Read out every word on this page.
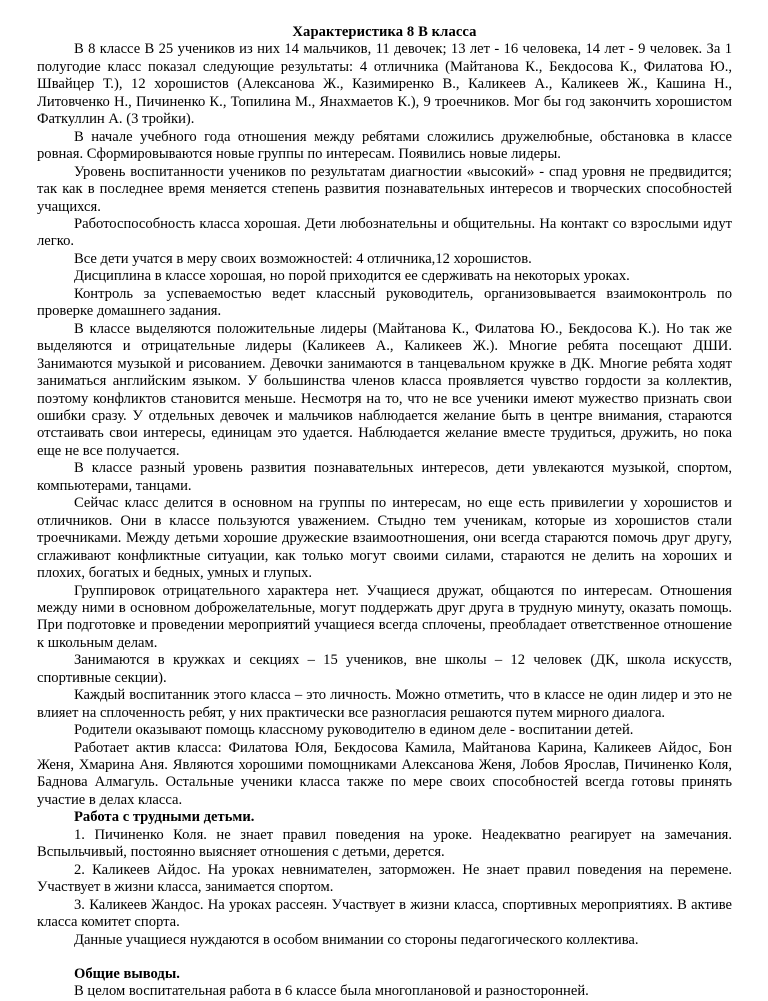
Характеристика 8 В класса

В 8 классе В 25 учеников из них 14 мальчиков, 11 девочек; 13 лет - 16 человека, 14 лет - 9 человек. За 1 полугодие класс показал следующие результаты: 4 отличника (Майтанова К., Бекдосова К., Филатова Ю., Швайцер Т.), 12 хорошистов (Алексанова Ж., Казимиренко В., Каликеев А., Каликеев Ж., Кашина Н., Литовченко Н., Пичиненко К., Топилина М., Янахмаетов К.), 9 троечников. Мог бы год закончить хорошистом Фаткуллин А. (3 тройки).

В начале учебного года отношения между ребятами сложились дружелюбные, обстановка в классе ровная. Сформировываются новые группы по интересам. Появились новые лидеры.

Уровень воспитанности учеников по результатам диагностии «высокий» - спад уровня не предвидится; так как в последнее время меняется степень развития познавательных интересов и творческих способностей учащихся.

Работоспособность класса хорошая. Дети любознательны и общительны. На контакт со взрослыми идут легко.

Все дети учатся в меру своих возможностей: 4 отличника,12 хорошистов.

Дисциплина в классе хорошая, но порой приходится ее сдерживать на некоторых уроках.

Контроль за успеваемостью ведет классный руководитель, организовывается взаимоконтроль по проверке домашнего задания.

В классе выделяются положительные лидеры (Майтанова К., Филатова Ю., Бекдосова К.). Но так же выделяются и отрицательные лидеры (Каликеев А., Каликеев Ж.). Многие ребята посещают ДШИ. Занимаются музыкой и рисованием. Девочки занимаются в танцевальном кружке в ДК. Многие ребята ходят заниматься английским языком. У большинства членов класса проявляется чувство гордости за коллектив, поэтому конфликтов становится меньше. Несмотря на то, что не все ученики имеют мужество признать свои ошибки сразу. У отдельных девочек и мальчиков наблюдается желание быть в центре внимания, стараются отстаивать свои интересы, единицам это удается. Наблюдается желание вместе трудиться, дружить, но пока еще не все получается.

В классе разный уровень развития познавательных интересов, дети увлекаются музыкой, спортом, компьютерами, танцами.

Сейчас класс делится в основном на группы по интересам, но еще есть привилегии у хорошистов и отличников. Они в классе пользуются уважением. Стыдно тем ученикам, которые из хорошистов стали троечниками. Между детьми хорошие дружеские взаимоотношения, они всегда стараются помочь друг другу, сглаживают конфликтные ситуации, как только могут своими силами, стараются не делить на хороших и плохих, богатых и бедных, умных и глупых.

Группировок отрицательного характера нет. Учащиеся дружат, общаются по интересам. Отношения между ними в основном доброжелательные, могут поддержать друг друга в трудную минуту, оказать помощь. При подготовке и проведении мероприятий учащиеся всегда сплочены, преобладает ответственное отношение к школьным делам.

Занимаются в кружках и секциях – 15 учеников, вне школы – 12 человек (ДК, школа искусств, спортивные секции).

Каждый воспитанник этого класса – это личность. Можно отметить, что в классе не один лидер и это не влияет на сплоченность ребят, у них практически все разногласия решаются путем мирного диалога.

Родители оказывают помощь классному руководителю в едином деле - воспитании детей.

Работает актив класса: Филатова Юля, Бекдосова Камила, Майтанова Карина, Каликеев Айдос, Бон Женя, Хмарина Аня. Являются хорошими помощниками Алексанова Женя, Лобов Ярослав, Пичиненко Коля, Баднова Алмагуль. Остальные ученики класса также по мере своих способностей всегда готовы принять участие в делах класса.

Работа с трудными детьми.

1. Пичиненко Коля. не знает правил поведения на уроке. Неадекватно реагирует на замечания. Вспыльчивый, постоянно выясняет отношения с детьми, дерется.

2. Каликеев Айдос. На уроках невнимателен, заторможен. Не знает правил поведения на перемене. Участвует в жизни класса, занимается спортом.

3. Каликеев Жандос. На уроках рассеян. Участвует в жизни класса, спортивных мероприятиях. В активе класса комитет спорта.

Данные учащиеся нуждаются в особом внимании со стороны педагогического коллектива.

Общие выводы.

В целом воспитательная работа в 6 классе была многоплановой и разносторонней.
